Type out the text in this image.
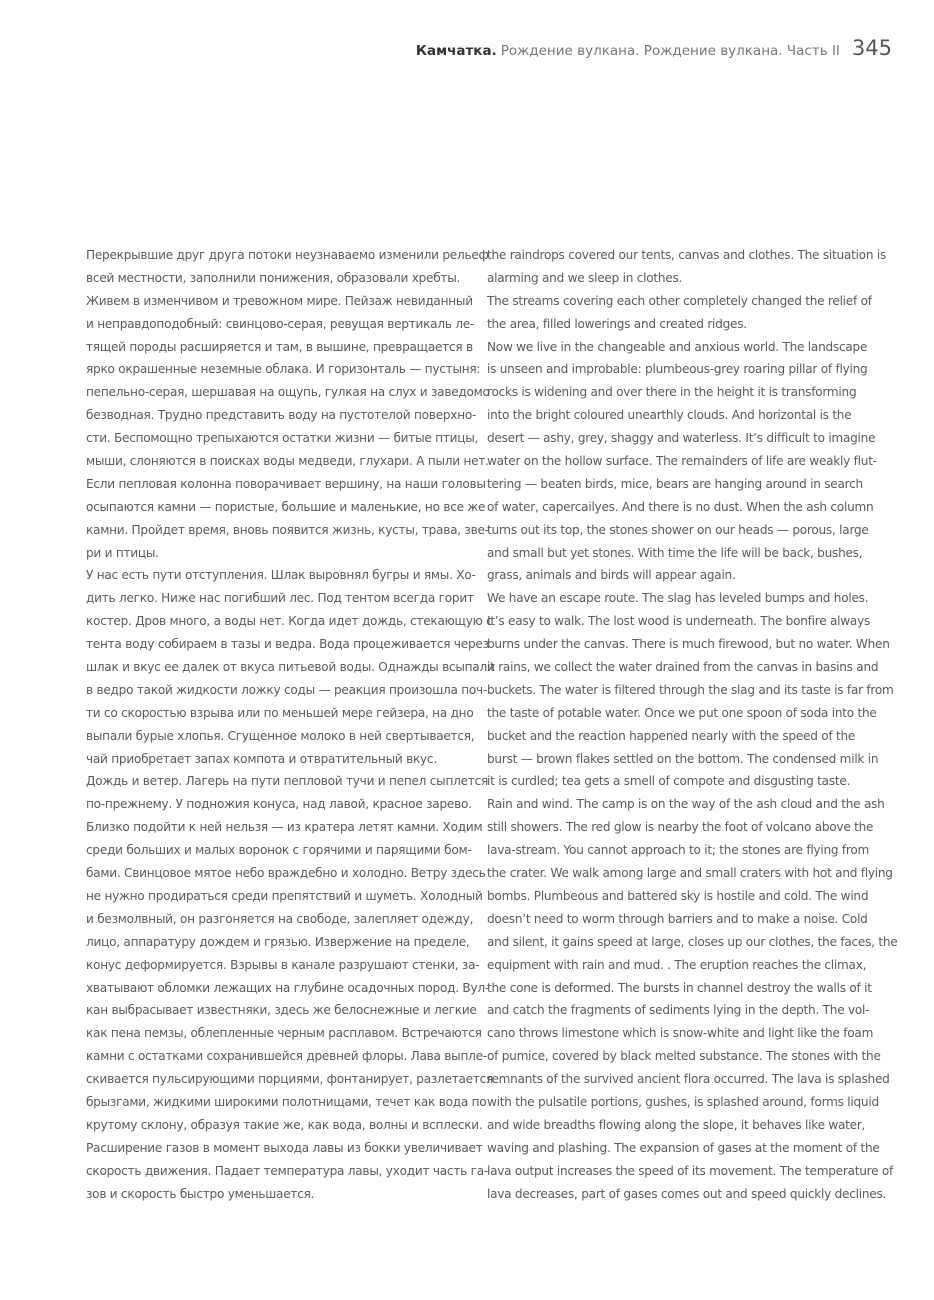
Камчатка. Рождение вулкана. Рождение вулкана. Часть II 345
Перекрывшие друг друга потоки неузнаваемо изменили рельеф
всей местности, заполнили понижения, образовали хребты.
Живем в изменчивом и тревожном мире. Пейзаж невиданный
и неправдоподобный: свинцово-серая, ревущая вертикаль ле-
тящей породы расширяется и там, в вышине, превращается в
ярко окрашенные неземные облака. И горизонталь — пустыня:
пепельно-серая, шершавая на ощупь, гулкая на слух и заведомо
безводная. Трудно представить воду на пустотелой поверхно-
сти. Беспомощно трепыхаются остатки жизни — битые птицы,
мыши, слоняются в поисках воды медведи, глухари. А пыли нет.
Если пепловая колонна поворачивает вершину, на наши головы
осыпаются камни — пористые, большие и маленькие, но все же
камни. Пройдет время, вновь появится жизнь, кусты, трава, зве-
ри и птицы.
У нас есть пути отступления. Шлак выровнял бугры и ямы. Хо-
дить легко. Ниже нас погибший лес. Под тентом всегда горит
костер. Дров много, а воды нет. Когда идет дождь, стекающую с
тента воду собираем в тазы и ведра. Вода процеживается через
шлак и вкус ее далек от вкуса питьевой воды. Однажды всыпали
в ведро такой жидкости ложку соды — реакция произошла поч-
ти со скоростью взрыва или по меньшей мере гейзера, на дно
выпали бурые хлопья. Сгущенное молоко в ней свертывается,
чай приобретает запах компота и отвратительный вкус.
Дождь и ветер. Лагерь на пути пепловой тучи и пепел сыплется
по-прежнему. У подножия конуса, над лавой, красное зарево.
Близко подойти к ней нельзя — из кратера летят камни. Ходим
среди больших и малых воронок с горячими и парящими бом-
бами. Свинцовое мятое небо враждебно и холодно. Ветру здесь
не нужно продираться среди препятствий и шуметь. Холодный
и безмолвный, он разгоняется на свободе, залепляет одежду,
лицо, аппаратуру дождем и грязью. Извержение на пределе,
конус деформируется. Взрывы в канале разрушают стенки, за-
хватывают обломки лежащих на глубине осадочных пород. Вул-
кан выбрасывает известняки, здесь же белоснежные и легкие
как пена пемзы, облепленные черным расплавом. Встречаются
камни с остатками сохранившейся древней флоры. Лава выпле-
скивается пульсирующими порциями, фонтанирует, разлетается
брызгами, жидкими широкими полотнищами, течет как вода по
крутому склону, образуя такие же, как вода, волны и всплески.
Расширение газов в момент выхода лавы из бокки увеличивает
скорость движения. Падает температура лавы, уходит часть га-
зов и скорость быстро уменьшается.
the raindrops covered our tents, canvas and clothes. The situation is
alarming and we sleep in clothes.
The streams covering each other completely changed the relief of
the area, filled lowerings and created ridges.
Now we live in the changeable and anxious world. The landscape
is unseen and improbable: plumbeous-grey roaring pillar of flying
rocks is widening and over there in the height it is transforming
into the bright coloured unearthly clouds. And horizontal is the
desert — ashy, grey, shaggy and waterless. It’s difficult to imagine
water on the hollow surface. The remainders of life are weakly flut-
tering — beaten birds, mice, bears are hanging around in search
of water, capercailyes. And there is no dust. When the ash column
turns out its top, the stones shower on our heads — porous, large
and small but yet stones. With time the life will be back, bushes,
grass, animals and birds will appear again.
We have an escape route. The slag has leveled bumps and holes.
It’s easy to walk. The lost wood is underneath. The bonfire always
burns under the canvas. There is much firewood, but no water. When
it rains, we collect the water drained from the canvas in basins and
buckets. The water is filtered through the slag and its taste is far from
the taste of potable water. Once we put one spoon of soda into the
bucket and the reaction happened nearly with the speed of the
burst — brown flakes settled on the bottom. The condensed milk in
it is curdled; tea gets a smell of compote and disgusting taste.
Rain and wind. The camp is on the way of the ash cloud and the ash
still showers. The red glow is nearby the foot of volcano above the
lava-stream. You cannot approach to it; the stones are flying from
the crater. We walk among large and small craters with hot and flying
bombs. Plumbeous and battered sky is hostile and cold. The wind
doesn’t need to worm through barriers and to make a noise. Cold
and silent, it gains speed at large, closes up our clothes, the faces, the
equipment with rain and mud. . The eruption reaches the climax,
the cone is deformed. The bursts in channel destroy the walls of it
and catch the fragments of sediments lying in the depth. The vol-
cano throws limestone which is snow-white and light like the foam
of pumice, covered by black melted substance. The stones with the
remnants of the survived ancient flora occurred. The lava is splashed
with the pulsatile portions, gushes, is splashed around, forms liquid
and wide breadths flowing along the slope, it behaves like water,
waving and plashing. The expansion of gases at the moment of the
lava output increases the speed of its movement. The temperature of
lava decreases, part of gases comes out and speed quickly declines.
